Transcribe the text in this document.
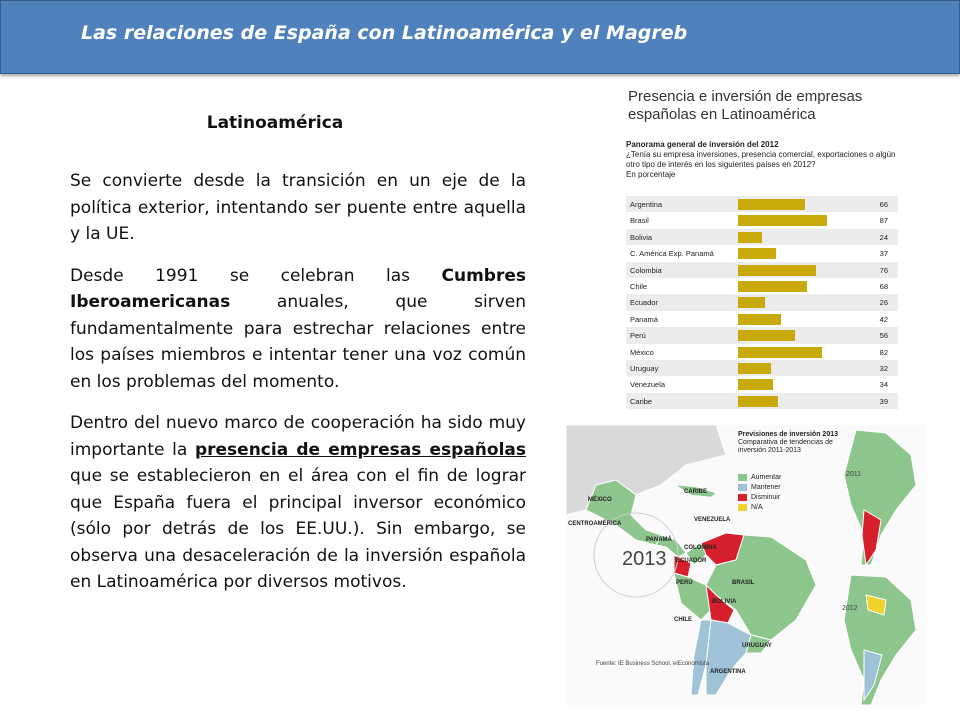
Las relaciones de España con Latinoamérica y el Magreb
Latinoamérica

Se convierte desde la transición en un eje de la política exterior, intentando ser puente entre aquella y la UE.

Desde 1991 se celebran las Cumbres Iberoamericanas anuales, que sirven fundamentalmente para estrechar relaciones entre los países miembros e intentar tener una voz común en los problemas del momento.

Dentro del nuevo marco de cooperación ha sido muy importante la presencia de empresas españolas que se establecieron en el área con el fin de lograr que España fuera el principal inversor económico (sólo por detrás de los EE.UU.). Sin embargo, se observa una desaceleración de la inversión española en Latinoamérica por diversos motivos.

Presencia e inversión de empresas españolas en Latinoamérica
Panorama general de inversión del 2012
¿Tenía su empresa inversiones, presencia comercial, exportaciones o algún otro tipo de interés en los siguientes países en 2012?
En porcentaje
Argentina	66
Brasil	87
Bolivia	24
C. América Exp. Panamá	37
Colombia	76
Chile	68
Ecuador	26
Panamá	42
Perú	56
México	82
Uruguay	32
Venezuela	34
Caribe	39
Previsiones de inversión 2013
Comparativa de tendencias de inversión 2011-2013
Aumentar
Mantener
Disminuir
N/A
2013
2011
2012
MÉXICO
CARIBE
CENTROAMÉRICA
VENEZUELA
PANAMÁ
COLOMBIA
ECUADOR
PERÚ	BRASIL
BOLIVIA
CHILE
URUGUAY
ARGENTINA
Fuente: IE Business School. elEconomista
